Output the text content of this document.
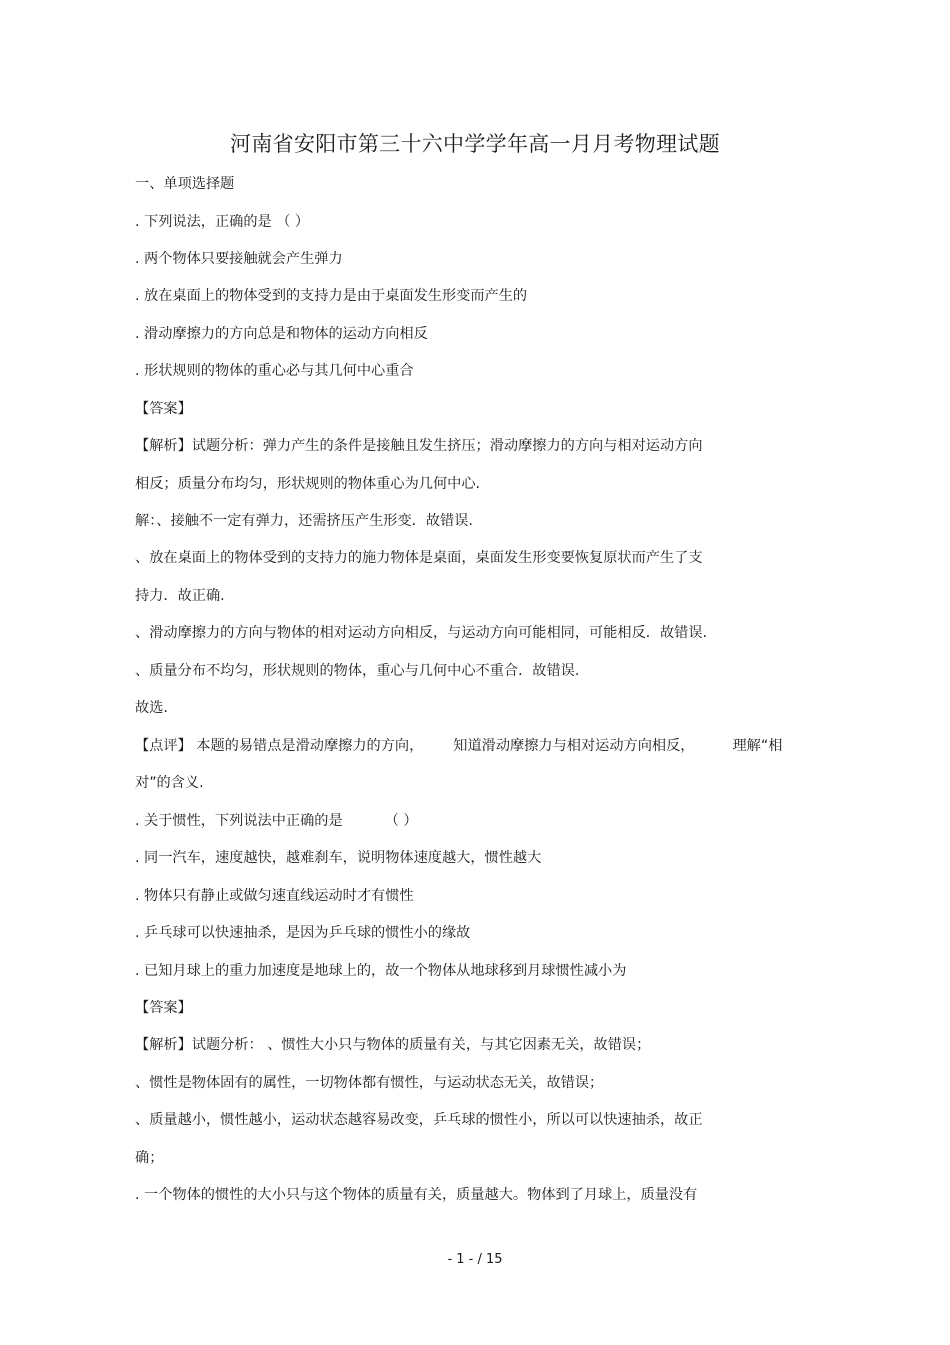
河南省安阳市第三十六中学学年高一月月考物理试题
一、单项选择题
. 下列说法，正确的是 （ ）
. 两个物体只要接触就会产生弹力
. 放在桌面上的物体受到的支持力是由于桌面发生形变而产生的
. 滑动摩擦力的方向总是和物体的运动方向相反
. 形状规则的物体的重心必与其几何中心重合
【答案】
【解析】试题分析：弹力产生的条件是接触且发生挤压；滑动摩擦力的方向与相对运动方向
相反；质量分布均匀，形状规则的物体重心为几何中心.
解：、接触不一定有弹力，还需挤压产生形变．故错误.
、放在桌面上的物体受到的支持力的施力物体是桌面，桌面发生形变要恢复原状而产生了支
持力．故正确.
、滑动摩擦力的方向与物体的相对运动方向相反，与运动方向可能相同，可能相反．故错误.
、质量分布不均匀，形状规则的物体，重心与几何中心不重合．故错误.
故选.
【点评】 本题的易错点是滑动摩擦力的方向， 知道滑动摩擦力与相对运动方向相反，	理解“相
对”的含义.
. 关于惯性，下列说法中正确的是	（ ）
. 同一汽车，速度越快，越难刹车，说明物体速度越大，惯性越大
. 物体只有静止或做匀速直线运动时才有惯性
. 乒乓球可以快速抽杀，是因为乒乓球的惯性小的缘故
. 已知月球上的重力加速度是地球上的，故一个物体从地球移到月球惯性减小为
【答案】
【解析】试题分析： 、惯性大小只与物体的质量有关，与其它因素无关，故错误；
、惯性是物体固有的属性，一切物体都有惯性，与运动状态无关，故错误；
、质量越小，惯性越小，运动状态越容易改变，乒乓球的惯性小，所以可以快速抽杀，故正
确；
. 一个物体的惯性的大小只与这个物体的质量有关，质量越大。物体到了月球上，质量没有
- 1 - / 15
